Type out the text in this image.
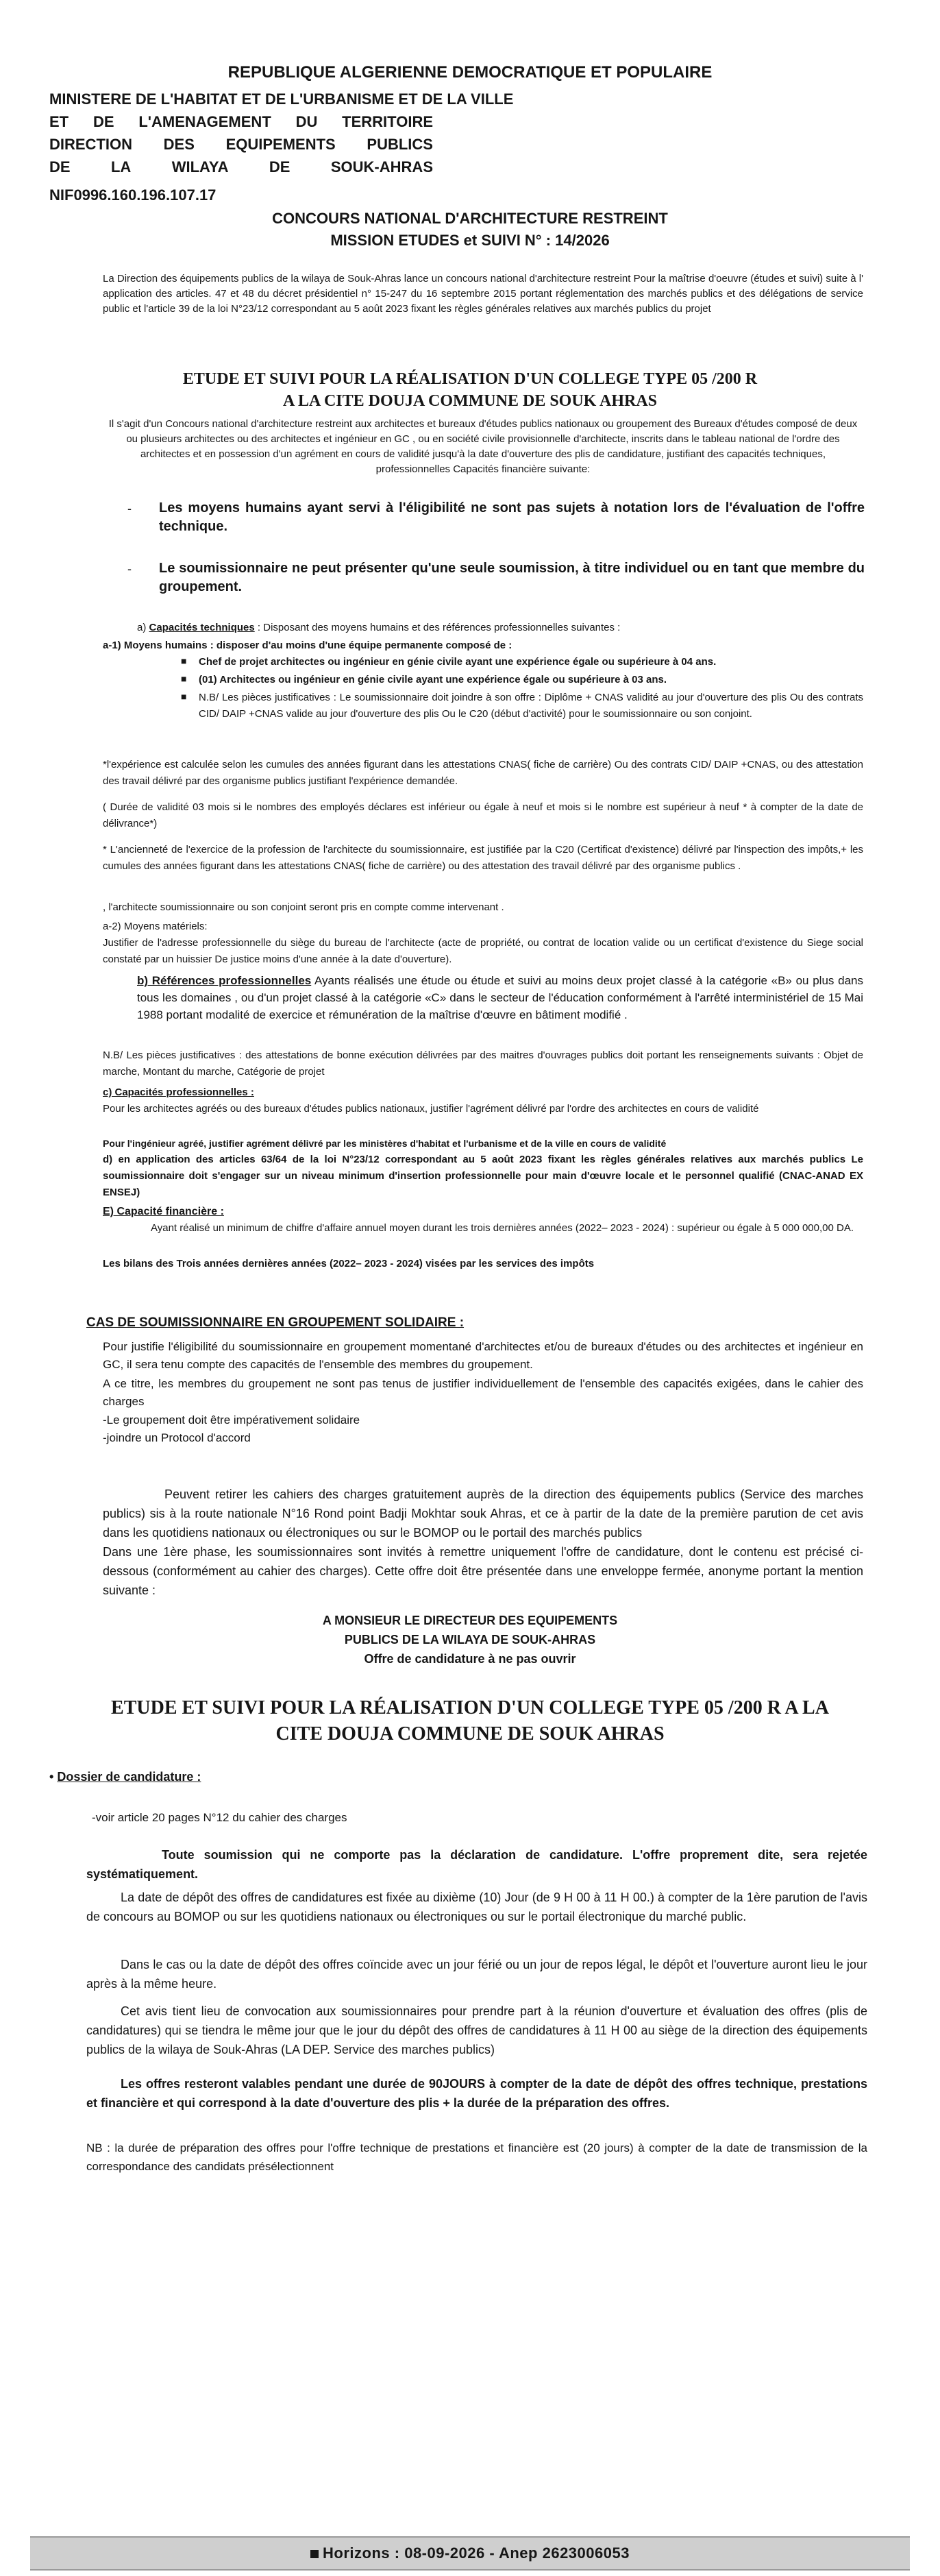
REPUBLIQUE ALGERIENNE DEMOCRATIQUE ET POPULAIRE
MINISTERE DE L'HABITAT ET DE L'URBANISME ET DE LA VILLE
ET DE L'AMENAGEMENT DU TERRITOIRE
DIRECTION DES EQUIPEMENTS PUBLICS
DE	LA	WILAYA	DE	SOUK-AHRAS
NIF0996.160.196.107.17
CONCOURS NATIONAL D'ARCHITECTURE RESTREINT
MISSION ETUDES et SUIVI N° : 14/2026

La Direction des équipements publics de la wilaya de Souk-Ahras lance un concours national d'architecture restreint Pour la maîtrise d'oeuvre (études et suivi) suite à l' application des articles. 47 et 48 du décret présidentiel n° 15-247 du 16 septembre 2015 portant réglementation des marchés publics et des délégations de service public et l'article 39 de la loi N°23/12 correspondant au 5 août 2023 fixant les règles générales relatives aux marchés publics du projet

ETUDE ET SUIVI POUR LA RÉALISATION D'UN COLLEGE TYPE 05 /200 R
A LA CITE DOUJA COMMUNE DE SOUK AHRAS

Il s'agit d'un Concours national d'architecture restreint aux architectes et bureaux d'études publics nationaux ou groupement des Bureaux d'études composé de deux ou plusieurs architectes ou des architectes et ingénieur en GC , ou en société civile provisionnelle d'architecte, inscrits dans le tableau national de l'ordre des architectes et en possession d'un agrément en cours de validité jusqu'à la date d'ouverture des plis de candidature, justifiant des capacités techniques, professionnelles Capacités financière suivante:

- Les moyens humains ayant servi à l'éligibilité ne sont pas sujets à notation lors de l'évaluation de l'offre technique.

- Le soumissionnaire ne peut présenter qu'une seule soumission, à titre individuel ou en tant que membre du groupement.

a) Capacités techniques : Disposant des moyens humains et des références professionnelles suivantes :

a-1) Moyens humains : disposer d'au moins d'une équipe permanente composé de :

■ Chef de projet architectes ou ingénieur en génie civile ayant une expérience égale ou supérieure à 04 ans.

■ (01) Architectes ou ingénieur en génie civile ayant une expérience égale ou supérieure à 03 ans.

■ N.B/ Les pièces justificatives : Le soumissionnaire doit joindre à son offre : Diplôme + CNAS validité au jour d'ouverture des plis Ou des contrats CID/ DAIP +CNAS valide au jour d'ouverture des plis Ou le C20 (début d'activité) pour le soumissionnaire ou son conjoint.

*l'expérience est calculée selon les cumules des années figurant dans les attestations CNAS( fiche de carrière) Ou des contrats CID/ DAIP +CNAS, ou des attestation des travail délivré par des organisme publics justifiant l'expérience demandée.

( Durée de validité 03 mois si le nombres des employés déclares est inférieur ou égale à neuf et mois si le nombre est supérieur à neuf * à compter de la date de délivrance*)

* L'ancienneté de l'exercice de la profession de l'architecte du soumissionnaire, est justifiée par la C20 (Certificat d'existence) délivré par l'inspection des impôts,+ les cumules des années figurant dans les attestations CNAS( fiche de carrière) ou des attestation des travail délivré par des organisme publics .

, l'architecte soumissionnaire ou son conjoint seront pris en compte comme intervenant .

a-2) Moyens matériels:

Justifier de l'adresse professionnelle du siège du bureau de l'architecte (acte de propriété, ou contrat de location valide ou un certificat d'existence du Siege social constaté par un huissier De justice moins d'une année à la date d'ouverture).

b) Références professionnelles Ayants réalisés une étude ou étude et suivi au moins deux projet classé à la catégorie «B» ou plus dans tous les domaines , ou d'un projet classé à la catégorie «C» dans le secteur de l'éducation conformément à l'arrêté interministériel de 15 Mai 1988 portant modalité de exercice et rémunération de la maîtrise d'œuvre en bâtiment modifié .

N.B/ Les pièces justificatives : des attestations de bonne exécution délivrées par des maitres d'ouvrages publics doit portant les renseignements suivants : Objet de marche, Montant du marche, Catégorie de projet

c) Capacités professionnelles :

Pour les architectes agréés ou des bureaux d'études publics nationaux, justifier l'agrément délivré par l'ordre des architectes en cours de validité

Pour l'ingénieur agréé, justifier agrément délivré par les ministères d'habitat et l'urbanisme et de la ville en cours de validité

d) en application des articles 63/64 de la loi N°23/12 correspondant au 5 août 2023 fixant les règles générales relatives aux marchés publics Le soumissionnaire doit s'engager sur un niveau minimum d'insertion professionnelle pour main d'œuvre locale et le personnel qualifié (CNAC-ANAD EX ENSEJ)

E) Capacité financière :

Ayant réalisé un minimum de chiffre d'affaire annuel moyen durant les trois dernières années (2022– 2023 - 2024) : supérieur ou égale à 5 000 000,00 DA.

Les bilans des Trois années dernières années (2022– 2023 - 2024) visées par les services des impôts

CAS DE SOUMISSIONNAIRE EN GROUPEMENT SOLIDAIRE :

Pour justifie l'éligibilité du soumissionnaire en groupement momentané d'architectes et/ou de bureaux d'études ou des architectes et ingénieur en GC, il sera tenu compte des capacités de l'ensemble des membres du groupement.

A ce titre, les membres du groupement ne sont pas tenus de justifier individuellement de l'ensemble des capacités exigées, dans le cahier des charges

-Le groupement doit être impérativement solidaire

-joindre un Protocol d'accord

Peuvent retirer les cahiers des charges gratuitement auprès de la direction des équipements publics (Service des marches publics) sis à la route nationale N°16 Rond point Badji Mokhtar souk Ahras, et ce à partir de la date de la première parution de cet avis dans les quotidiens nationaux ou électroniques ou sur le BOMOP ou le portail des marchés publics

Dans une 1ère phase, les soumissionnaires sont invités à remettre uniquement l'offre de candidature, dont le contenu est précisé ci-dessous (conformément au cahier des charges). Cette offre doit être présentée dans une enveloppe fermée, anonyme portant la mention suivante :

A MONSIEUR LE DIRECTEUR DES EQUIPEMENTS
PUBLICS DE LA WILAYA DE SOUK-AHRAS
Offre de candidature à ne pas ouvrir
ETUDE ET SUIVI POUR LA RÉALISATION D'UN COLLEGE TYPE 05 /200 R A LA
CITE DOUJA COMMUNE DE SOUK AHRAS
• Dossier de candidature :

-voir article 20 pages N°12 du cahier des charges

Toute soumission qui ne comporte pas la déclaration de candidature. L'offre proprement dite, sera rejetée systématiquement.

La date de dépôt des offres de candidatures est fixée au dixième (10) Jour (de 9 H 00 à 11 H 00.) à compter de la 1ère parution de l'avis de concours au BOMOP ou sur les quotidiens nationaux ou électroniques ou sur le portail électronique du marché public.

Dans le cas ou la date de dépôt des offres coïncide avec un jour férié ou un jour de repos légal, le dépôt et l'ouverture auront lieu le jour après à la même heure.

Cet avis tient lieu de convocation aux soumissionnaires pour prendre part à la réunion d'ouverture et évaluation des offres (plis de candidatures) qui se tiendra le même jour que le jour du dépôt des offres de candidatures à 11 H 00 au siège de la direction des équipements publics de la wilaya de Souk-Ahras (LA DEP. Service des marches publics)

Les offres resteront valables pendant une durée de 90JOURS à compter de la date de dépôt des offres technique, prestations et financière et qui correspond à la date d'ouverture des plis + la durée de la préparation des offres.

NB : la durée de préparation des offres pour l'offre technique de prestations et financière est (20 jours) à compter de la date de transmission de la correspondance des candidats présélectionnent

Horizons : 08-09-2026 - Anep 2623006053
